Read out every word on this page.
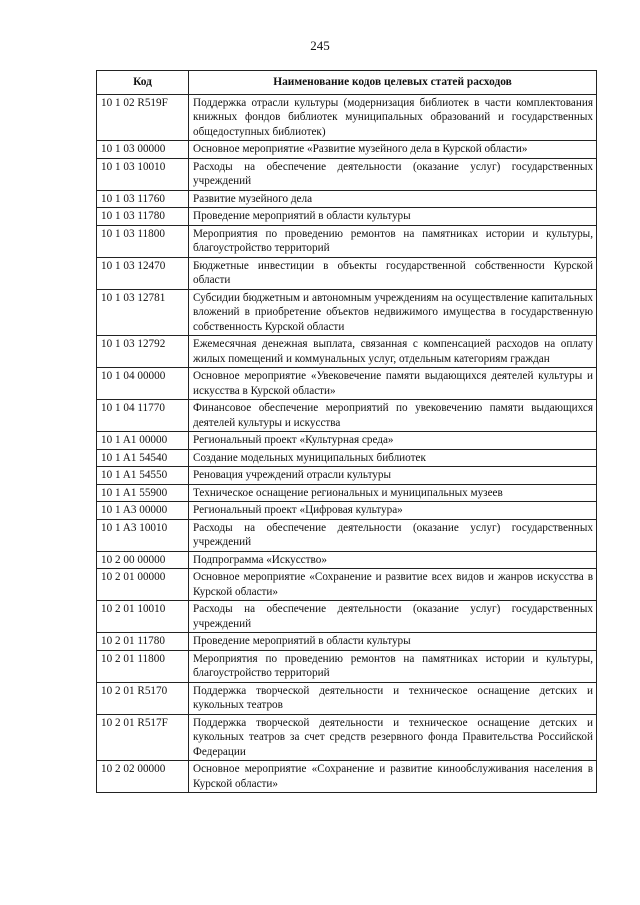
245
Код	Наименование кодов целевых статей расходов
10 1 02 R519F	Поддержка отрасли культуры (модернизация библиотек в части комплектования книжных фондов библиотек муниципальных образований и государственных общедоступных библиотек)
10 1 03 00000	Основное мероприятие «Развитие музейного дела в Курской области»
10 1 03 10010	Расходы на обеспечение деятельности (оказание услуг) государственных учреждений
10 1 03 11760	Развитие музейного дела
10 1 03 11780	Проведение мероприятий в области культуры
10 1 03 11800	Мероприятия по проведению ремонтов на памятниках истории и культуры, благоустройство территорий
10 1 03 12470	Бюджетные инвестиции в объекты государственной собственности Курской области
10 1 03 12781	Субсидии бюджетным и автономным учреждениям на осуществление капитальных вложений в приобретение объектов недвижимого имущества в государственную собственность Курской области
10 1 03 12792	Ежемесячная денежная выплата, связанная с компенсацией расходов на оплату жилых помещений и коммунальных услуг, отдельным категориям граждан
10 1 04 00000	Основное мероприятие «Увековечение памяти выдающихся деятелей культуры и искусства в Курской области»
10 1 04 11770	Финансовое обеспечение мероприятий по увековечению памяти выдающихся деятелей культуры и искусства
10 1 A1 00000	Региональный проект «Культурная среда»
10 1 A1 54540	Создание модельных муниципальных библиотек
10 1 A1 54550	Реновация учреждений отрасли культуры
10 1 A1 55900	Техническое оснащение региональных и муниципальных музеев
10 1 A3 00000	Региональный проект «Цифровая культура»
10 1 A3 10010	Расходы на обеспечение деятельности (оказание услуг) государственных учреждений
10 2 00 00000	Подпрограмма «Искусство»
10 2 01 00000	Основное мероприятие «Сохранение и развитие всех видов и жанров искусства в Курской области»
10 2 01 10010	Расходы на обеспечение деятельности (оказание услуг) государственных учреждений
10 2 01 11780	Проведение мероприятий в области культуры
10 2 01 11800	Мероприятия по проведению ремонтов на памятниках истории и культуры, благоустройство территорий
10 2 01 R5170	Поддержка творческой деятельности и техническое оснащение детских и кукольных театров
10 2 01 R517F	Поддержка творческой деятельности и техническое оснащение детских и кукольных театров за счет средств резервного фонда Правительства Российской Федерации
10 2 02 00000	Основное мероприятие «Сохранение и развитие кинообслуживания населения в Курской области»
